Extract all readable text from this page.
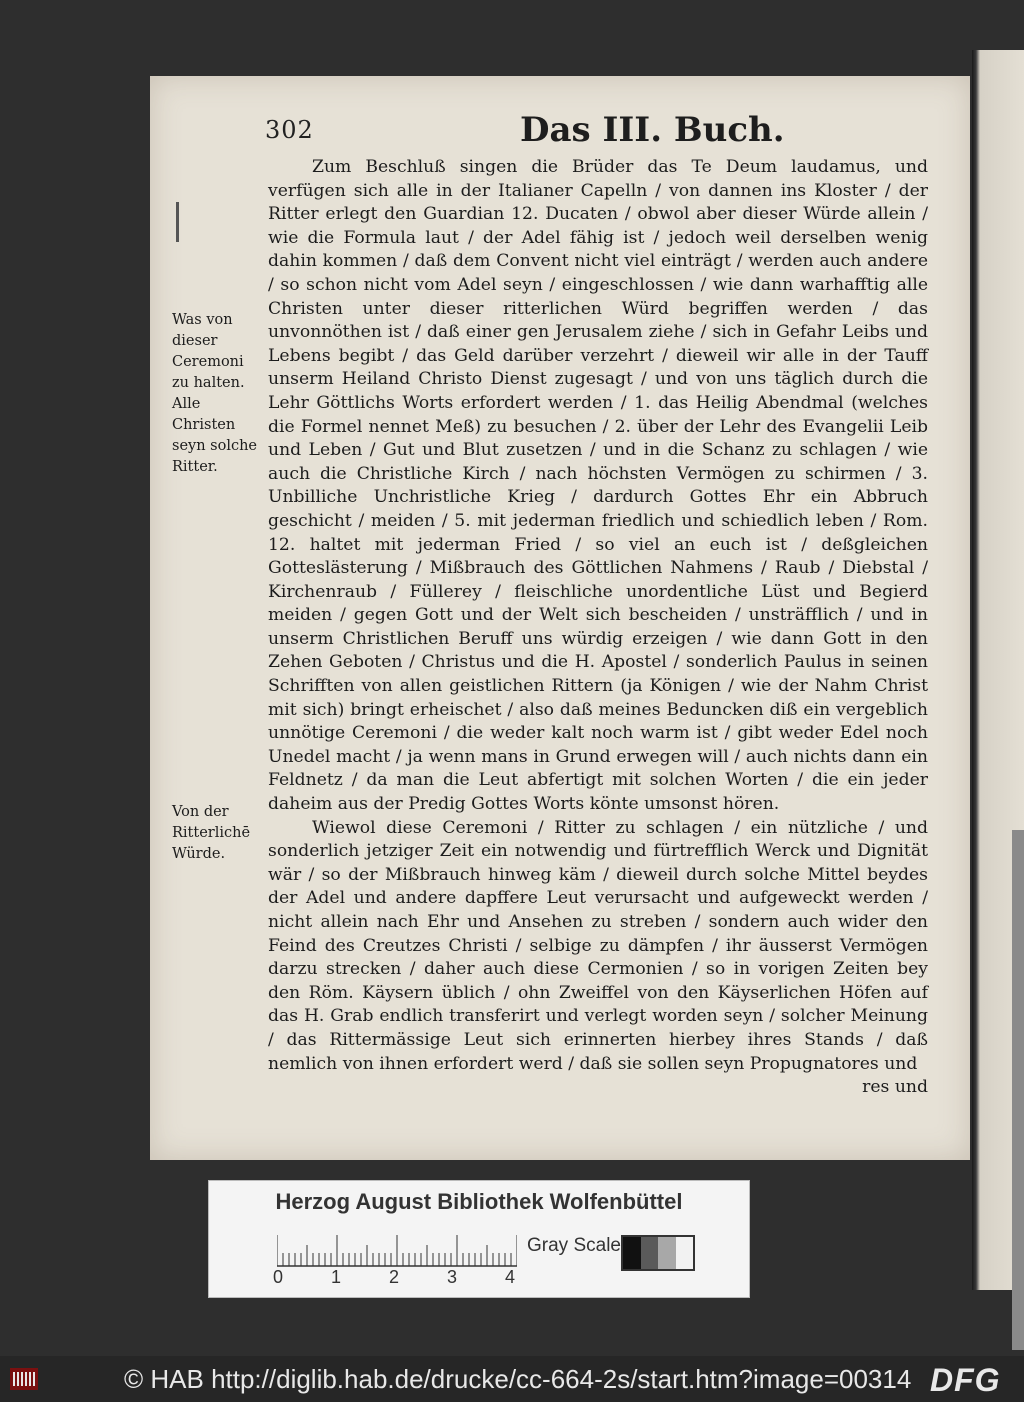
302	Das III. Buch.
Was von dieser Ceremoni zu halten.
Alle Christen seyn solche Ritter.
Von der Ritterlichē Würde.

Zum Beschluß singen die Brüder das Te Deum laudamus, und verfügen sich alle in der Italianer Capelln / von dannen ins Kloster / der Ritter erlegt den Guardian 12. Ducaten / obwol aber dieser Würde allein / wie die Formula laut / der Adel fähig ist / jedoch weil derselben wenig dahin kommen / daß dem Convent nicht viel einträgt / werden auch andere / so schon nicht vom Adel seyn / eingeschlossen / wie dann warhafftig alle Christen unter dieser ritterlichen Würd begriffen werden / das unvonnöthen ist / daß einer gen Jerusalem ziehe / sich in Gefahr Leibs und Lebens begibt / das Geld darüber verzehrt / dieweil wir alle in der Tauff unserm Heiland Christo Dienst zugesagt / und von uns täglich durch die Lehr Göttlichs Worts erfordert werden / 1. das Heilig Abendmal (welches die Formel nennet Meß) zu besuchen / 2. über der Lehr des Evangelii Leib und Leben / Gut und Blut zusetzen / und in die Schanz zu schlagen / wie auch die Christliche Kirch / nach höchsten Vermögen zu schirmen / 3. Unbilliche Unchristliche Krieg / dardurch Gottes Ehr ein Abbruch geschicht / meiden / 5. mit jederman friedlich und schiedlich leben / Rom. 12. haltet mit jederman Fried / so viel an euch ist / deßgleichen Gotteslästerung / Mißbrauch des Göttlichen Nahmens / Raub / Diebstal / Kirchenraub / Füllerey / fleischliche unordentliche Lüst und Begierd meiden / gegen Gott und der Welt sich bescheiden / unsträfflich / und in unserm Christlichen Beruff uns würdig erzeigen / wie dann Gott in den Zehen Geboten / Christus und die H. Apostel / sonderlich Paulus in seinen Schrifften von allen geistlichen Rittern (ja Königen / wie der Nahm Christ mit sich) bringt erheischet / also daß meines Beduncken diß ein vergeblich unnötige Ceremoni / die weder kalt noch warm ist / gibt weder Edel noch Unedel macht / ja wenn mans in Grund erwegen will / auch nichts dann ein Feldnetz / da man die Leut abfertigt mit solchen Worten / die ein jeder daheim aus der Predig Gottes Worts könte umsonst hören.

Wiewol diese Ceremoni / Ritter zu schlagen / ein nützliche / und sonderlich jetziger Zeit ein notwendig und fürtrefflich Werck und Dignität wär / so der Mißbrauch hinweg käm / dieweil durch solche Mittel beydes der Adel und andere dapffere Leut verursacht und aufgeweckt werden / nicht allein nach Ehr und Ansehen zu streben / sondern auch wider den Feind des Creutzes Christi / selbige zu dämpfen / ihr äusserst Vermögen darzu strecken / daher auch diese Cermonien / so in vorigen Zeiten bey den Röm. Käysern üblich / ohn Zweiffel von den Käyserlichen Höfen auf das H. Grab endlich transferirt und verlegt worden seyn / solcher Meinung / das Rittermässige Leut sich erinnerten hierbey ihres Stands / daß nemlich von ihnen erfordert werd / daß sie sollen seyn Propugnatores und

res und
Herzog August Bibliothek Wolfenbüttel
0	1	2	3	4
Gray Scale
© HAB http://diglib.hab.de/drucke/cc-664-2s/start.htm?image=00314 DFG
